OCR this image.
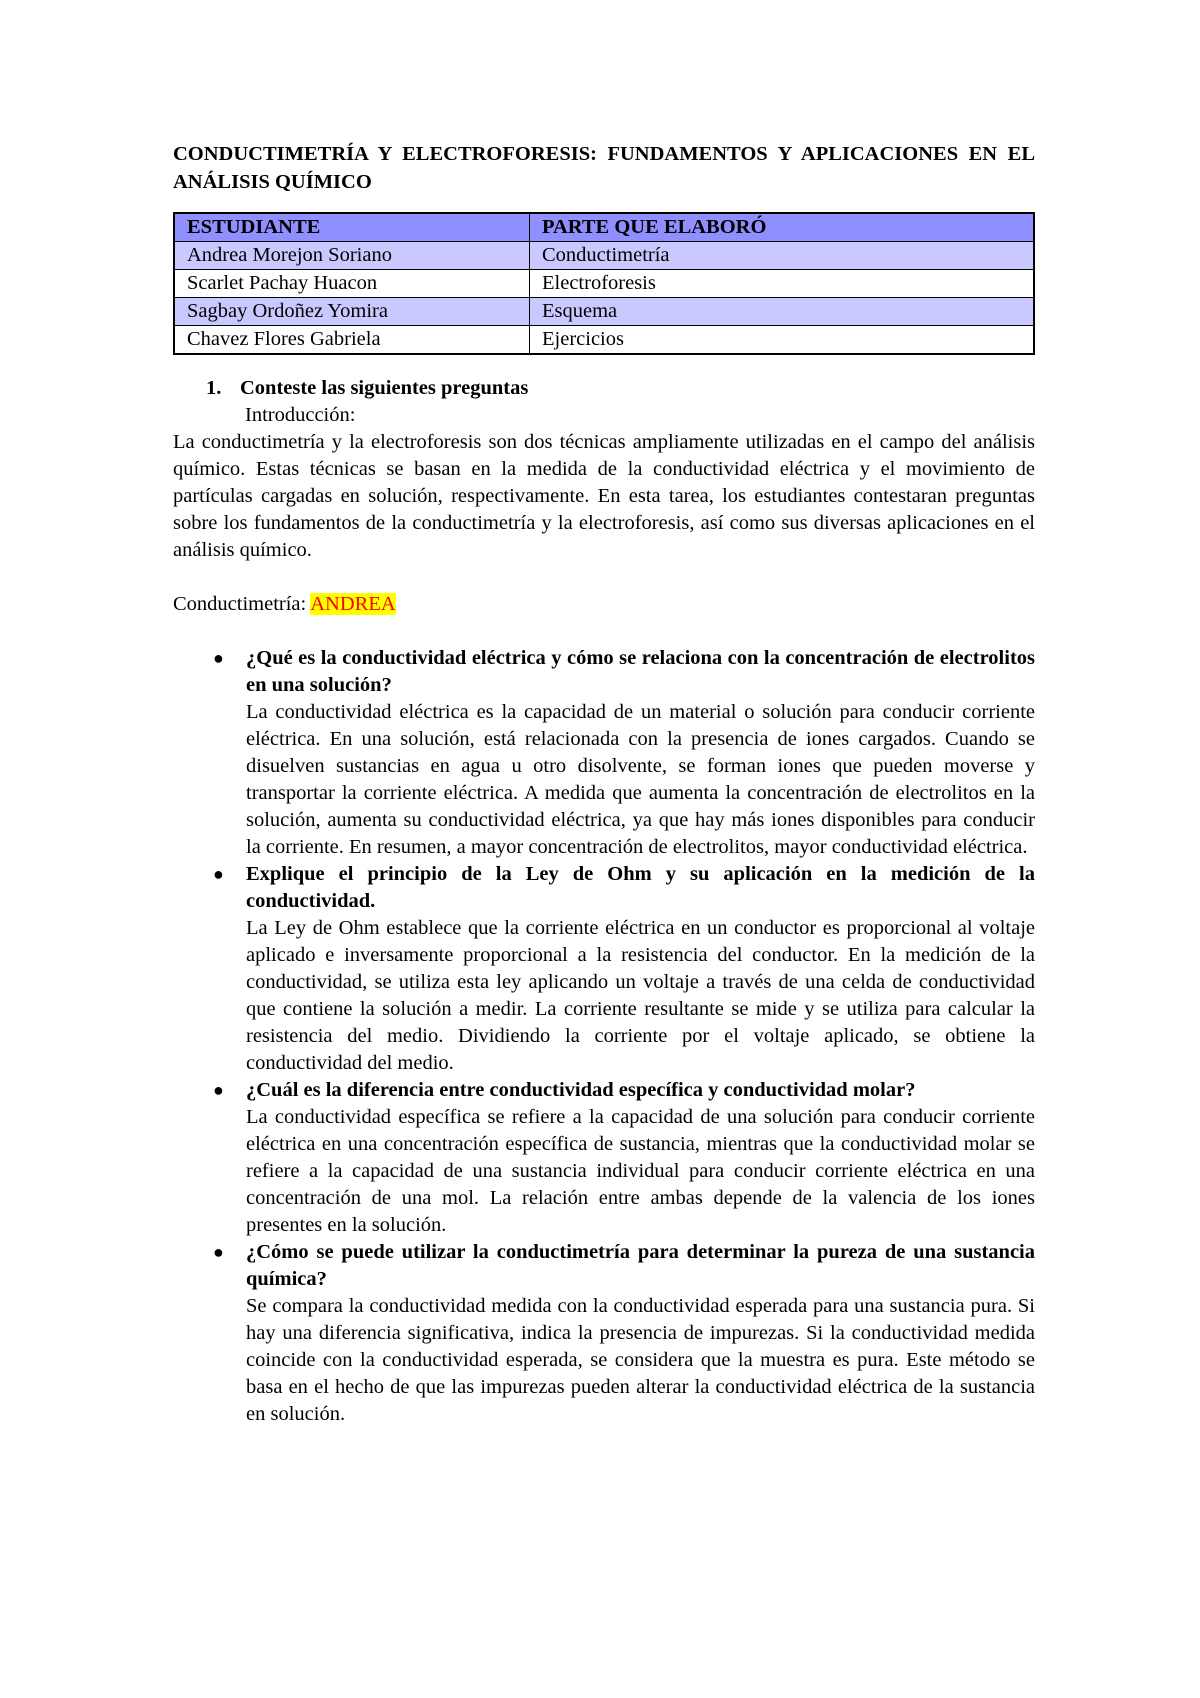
CONDUCTIMETRÍA Y ELECTROFORESIS: FUNDAMENTOS Y APLICACIONES EN EL ANÁLISIS QUÍMICO
ESTUDIANTE	PARTE QUE ELABORÓ
Andrea Morejon Soriano	Conductimetría
Scarlet Pachay Huacon	Electroforesis
Sagbay Ordoñez Yomira	Esquema
Chavez Flores Gabriela	Ejercicios
1. Conteste las siguientes preguntas
Introducción:

La conductimetría y la electroforesis son dos técnicas ampliamente utilizadas en el campo del análisis químico. Estas técnicas se basan en la medida de la conductividad eléctrica y el movimiento de partículas cargadas en solución, respectivamente. En esta tarea, los estudiantes contestaran preguntas sobre los fundamentos de la conductimetría y la electroforesis, así como sus diversas aplicaciones en el análisis químico.

Conductimetría: ANDREA
● ¿Qué es la conductividad eléctrica y cómo se relaciona con la concentración de electrolitos en una solución?
La conductividad eléctrica es la capacidad de un material o solución para conducir corriente eléctrica. En una solución, está relacionada con la presencia de iones cargados. Cuando se disuelven sustancias en agua u otro disolvente, se forman iones que pueden moverse y transportar la corriente eléctrica. A medida que aumenta la concentración de electrolitos en la solución, aumenta su conductividad eléctrica, ya que hay más iones disponibles para conducir la corriente. En resumen, a mayor concentración de electrolitos, mayor conductividad eléctrica.
● Explique el principio de la Ley de Ohm y su aplicación en la medición de la conductividad.
La Ley de Ohm establece que la corriente eléctrica en un conductor es proporcional al voltaje aplicado e inversamente proporcional a la resistencia del conductor. En la medición de la conductividad, se utiliza esta ley aplicando un voltaje a través de una celda de conductividad que contiene la solución a medir. La corriente resultante se mide y se utiliza para calcular la resistencia del medio. Dividiendo la corriente por el voltaje aplicado, se obtiene la conductividad del medio.
● ¿Cuál es la diferencia entre conductividad específica y conductividad molar?
La conductividad específica se refiere a la capacidad de una solución para conducir corriente eléctrica en una concentración específica de sustancia, mientras que la conductividad molar se refiere a la capacidad de una sustancia individual para conducir corriente eléctrica en una concentración de una mol. La relación entre ambas depende de la valencia de los iones presentes en la solución.
● ¿Cómo se puede utilizar la conductimetría para determinar la pureza de una sustancia química?
Se compara la conductividad medida con la conductividad esperada para una sustancia pura. Si hay una diferencia significativa, indica la presencia de impurezas. Si la conductividad medida coincide con la conductividad esperada, se considera que la muestra es pura. Este método se basa en el hecho de que las impurezas pueden alterar la conductividad eléctrica de la sustancia en solución.
